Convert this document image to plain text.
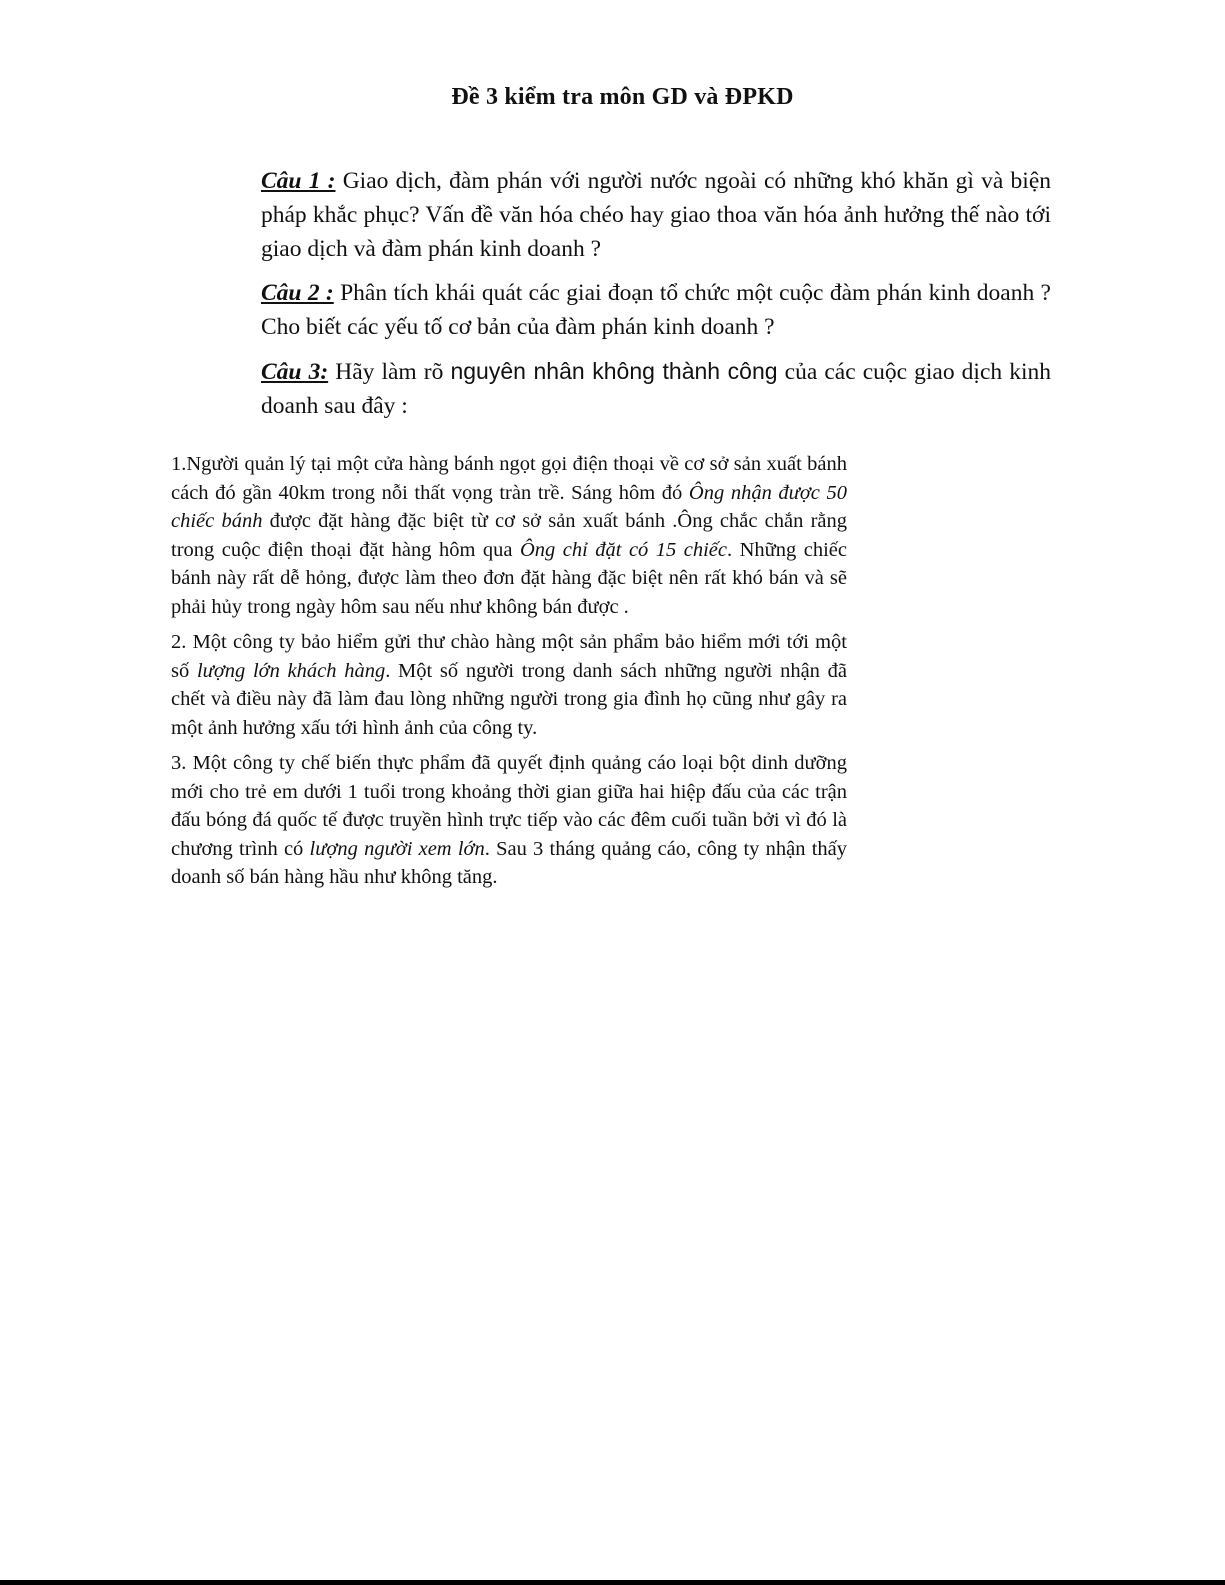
Đề 3 kiểm tra môn GD và ĐPKD

Câu 1 : Giao dịch, đàm phán với người nước ngoài có những khó khăn gì và biện pháp khắc phục? Vấn đề văn hóa chéo hay giao thoa văn hóa ảnh hưởng thế nào tới giao dịch và đàm phán kinh doanh ?

Câu 2 : Phân tích khái quát các giai đoạn tổ chức một cuộc đàm phán kinh doanh ? Cho biết các yếu tố cơ bản của đàm phán kinh doanh ?

Câu 3: Hãy làm rõ nguyên nhân không thành công của các cuộc giao dịch kinh doanh sau đây :

1.Người quản lý tại một cửa hàng bánh ngọt gọi điện thoại về cơ sở sản xuất bánh cách đó gần 40km trong nỗi thất vọng tràn trề. Sáng hôm đó Ông nhận được 50 chiếc bánh được đặt hàng đặc biệt từ cơ sở sản xuất bánh .Ông chắc chắn rằng trong cuộc điện thoại đặt hàng hôm qua Ông chỉ đặt có 15 chiếc. Những chiếc bánh này rất dễ hỏng, được làm theo đơn đặt hàng đặc biệt nên rất khó bán và sẽ phải hủy trong ngày hôm sau nếu như không bán được .

2. Một công ty bảo hiểm gửi thư chào hàng một sản phẩm bảo hiểm mới tới một số lượng lớn khách hàng. Một số người trong danh sách những người nhận đã chết và điều này đã làm đau lòng những người trong gia đình họ cũng như gây ra một ảnh hưởng xấu tới hình ảnh của công ty.

3. Một công ty chế biến thực phẩm đã quyết định quảng cáo loại bột dinh dưỡng mới cho trẻ em dưới 1 tuổi trong khoảng thời gian giữa hai hiệp đấu của các trận đấu bóng đá quốc tế được truyền hình trực tiếp vào các đêm cuối tuần bởi vì đó là chương trình có lượng người xem lớn. Sau 3 tháng quảng cáo, công ty nhận thấy doanh số bán hàng hầu như không tăng.
